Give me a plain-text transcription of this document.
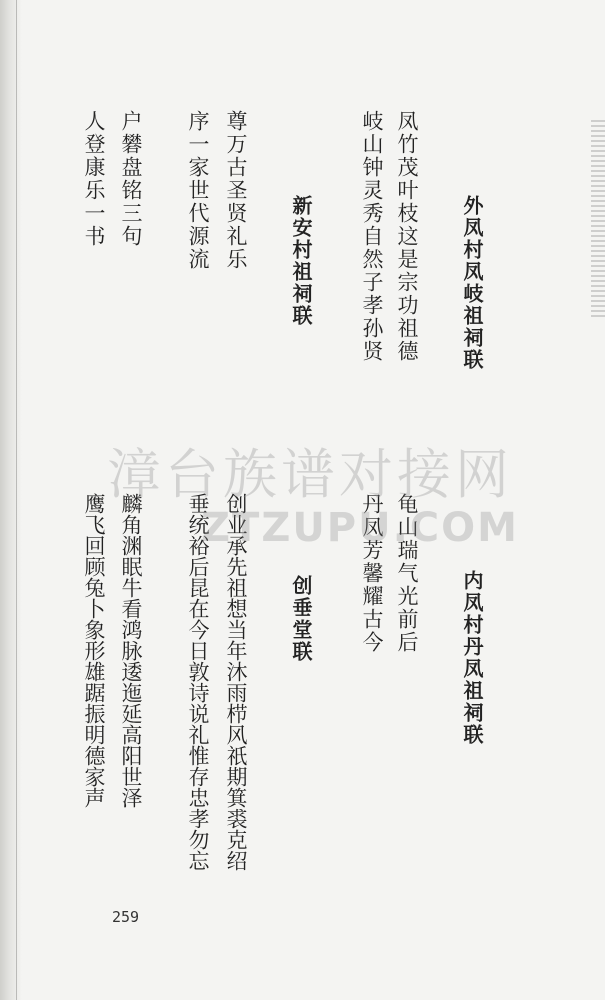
外凤村凤岐祖祠联
凤竹茂叶枝这是宗功祖德
岐山钟灵秀自然子孝孙贤
新安村祖祠联
尊万古圣贤礼乐
序一家世代源流
户礬盘铭三句
人登康乐一书
内凤村丹凤祖祠联
龟山瑞气光前后
丹凤芳馨耀古今
创垂堂联
创业承先祖想当年沐雨栉风祇期箕裘克绍
垂统裕后昆在今日敦诗说礼惟存忠孝勿忘
麟角渊眠牛看鸿脉逶迤延高阳世泽
鹰飞回顾兔卜象形雄踞振明德家声
漳台族谱对接网
ZTZUPU.COM
259
